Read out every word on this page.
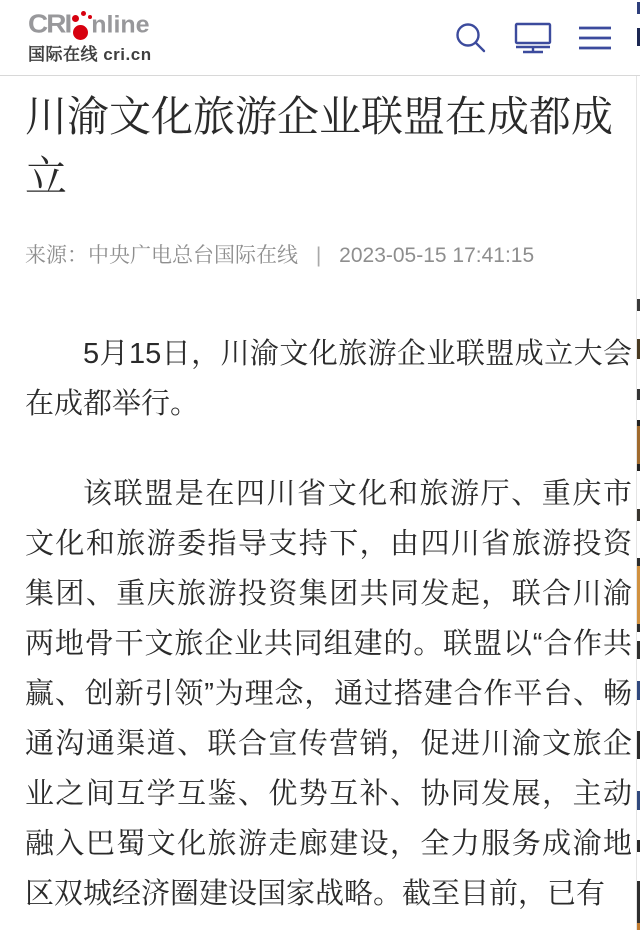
CRI nline
国际在线 cri.cn
川渝文化旅游企业联盟在成都成立
来源：中央广电总台国际在线 | 2023-05-15 17:41:15

5月15日，川渝文化旅游企业联盟成立大会在成都举行。

该联盟是在四川省文化和旅游厅、重庆市文化和旅游委指导支持下，由四川省旅游投资集团、重庆旅游投资集团共同发起，联合川渝两地骨干文旅企业共同组建的。联盟以“合作共赢、创新引领”为理念，通过搭建合作平台、畅通沟通渠道、联合宣传营销，促进川渝文旅企业之间互学互鉴、优势互补、协同发展，主动融入巴蜀文化旅游走廊建设，全力服务成渝地区双城经济圈建设国家战略。截至目前，已有
